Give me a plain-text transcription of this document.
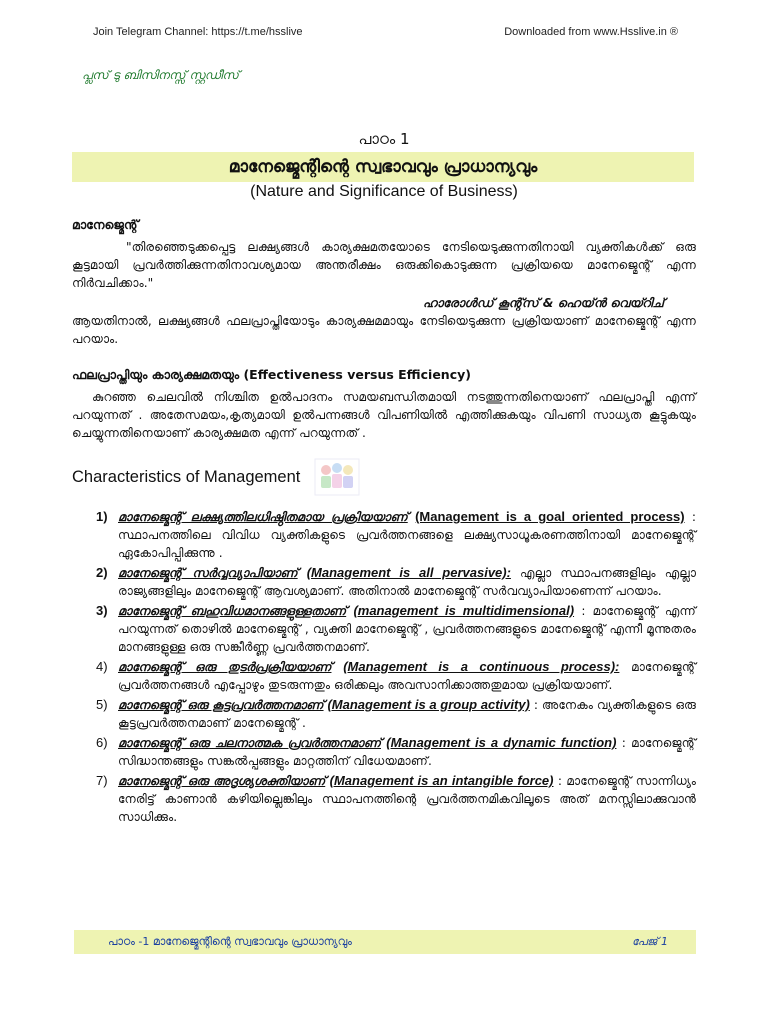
Join Telegram Channel: https://t.me/hsslive	Downloaded from www.Hsslive.in ®
പ്ലസ് ടു ബിസിനസ്സ് സ്റ്റഡീസ്
പാഠം 1
മാനേജ്മെന്റിന്റെ സ്വഭാവവും പ്രാധാന്യവും
(Nature and Significance of Business)
മാനേജ്മെന്റ്

"തിരഞ്ഞെടുക്കപ്പെട്ട ലക്ഷ്യങ്ങൾ കാര്യക്ഷമതയോടെ നേടിയെടുക്കുന്നതിനായി വ്യക്തികൾക്ക് ഒരു കൂട്ടമായി പ്രവർത്തിക്കുന്നതിനാവശ്യമായ അന്തരീക്ഷം ഒരുക്കികൊടുക്കുന്ന പ്രക്രിയയെ മാനേജ്മെന്റ് എന്ന നിർവചിക്കാം."

ഹാരോൾഡ് കൂന്റ്സ് & ഹെയ്ൻ വെയ്റിച്

ആയതിനാൽ, ലക്ഷ്യങ്ങൾ ഫലപ്രാപ്തിയോടും കാര്യക്ഷമമായും നേടിയെടുക്കുന്ന പ്രക്രിയയാണ് മാനേജ്മെന്റ് എന്ന പറയാം.

ഫലപ്രാപ്തിയും കാര്യക്ഷമതയും (Effectiveness versus Efficiency)

കുറഞ്ഞ ചെലവിൽ നിശ്ചിത ഉൽപാദനം സമയബന്ധിതമായി നടത്തുന്നതിനെയാണ് ഫലപ്രാപ്തി എന്ന് പറയുന്നത് . അതേസമയം,കൃത്യമായി ഉൽപന്നങ്ങൾ വിപണിയിൽ എത്തിക്കുകയും വിപണി സാധ്യത കൂട്ടുകയും ചെയ്യുന്നതിനെയാണ് കാര്യക്ഷമത എന്ന് പറയുന്നത് .

Characteristics of Management
1) മാനേജ്മെന്റ് ലക്ഷ്യത്തിലധിഷ്ഠിതമായ പ്രക്രിയയാണ് (Management is a goal oriented process) : സ്ഥാപനത്തിലെ വിവിധ വ്യക്തികളുടെ പ്രവർത്തനങ്ങളെ ലക്ഷ്യസാധൂകരണത്തിനായി മാനേജ്മെന്റ് ഏകോപിപ്പിക്കുന്നു .
2) മാനേജ്മെന്റ് സർവ്വവ്യാപിയാണ് (Management is all pervasive): എല്ലാ സ്ഥാപനങ്ങളിലും എല്ലാ രാജ്യങ്ങളിലും മാനേജ്മെന്റ് ആവശ്യമാണ്. അതിനാൽ മാനേജ്മെന്റ് സർവവ്യാപിയാണെന്ന് പറയാം.
3) മാനേജ്മെന്റ് ബഹുവിധമാനങ്ങളുള്ളതാണ് (management is multidimensional) : മാനേജ്മെന്റ് എന്ന് പറയുന്നത് തൊഴിൽ മാനേജ്മെന്റ് , വ്യക്തി മാനേജ്മെന്റ് , പ്രവർത്തനങ്ങളുടെ മാനേജ്മെന്റ് എന്നീ മൂന്നുതരം മാനങ്ങളുള്ള ഒരു സങ്കീർണ്ണ പ്രവർത്തനമാണ്.
4) മാനേജ്മെന്റ് ഒരു തുടർപ്രക്രിയയാണ് (Management is a continuous process): മാനേജ്മെന്റ് പ്രവർത്തനങ്ങൾ എപ്പോഴും തുടരുന്നതും ഒരിക്കലും അവസാനിക്കാത്തതുമായ പ്രക്രിയയാണ്.
5) മാനേജ്മെന്റ് ഒരു കൂട്ടപ്രവർത്തനമാണ് (Management is a group activity) : അനേകം വ്യക്തികളുടെ ഒരു കൂട്ടപ്രവർത്തനമാണ് മാനേജ്മെന്റ് .
6) മാനേജ്മെന്റ് ഒരു ചലനാത്മക പ്രവർത്തനമാണ് (Management is a dynamic function) : മാനേജ്മെന്റ് സിദ്ധാന്തങ്ങളും സങ്കൽപ്പങ്ങളും മാറ്റത്തിന് വിധേയമാണ്.
7) മാനേജ്മെന്റ് ഒരു അദൃശ്യശക്തിയാണ് (Management is an intangible force) : മാനേജ്മെന്റ് സാന്നിധ്യം നേരിട്ട് കാണാൻ കഴിയില്ലെങ്കിലും സ്ഥാപനത്തിന്റെ പ്രവർത്തനമികവിലൂടെ അത് മനസ്സിലാക്കുവാൻ സാധിക്കും.
പാഠം -1 മാനേജ്മെന്റിന്റെ സ്വഭാവവും പ്രാധാന്യവും	പേജ് 1
